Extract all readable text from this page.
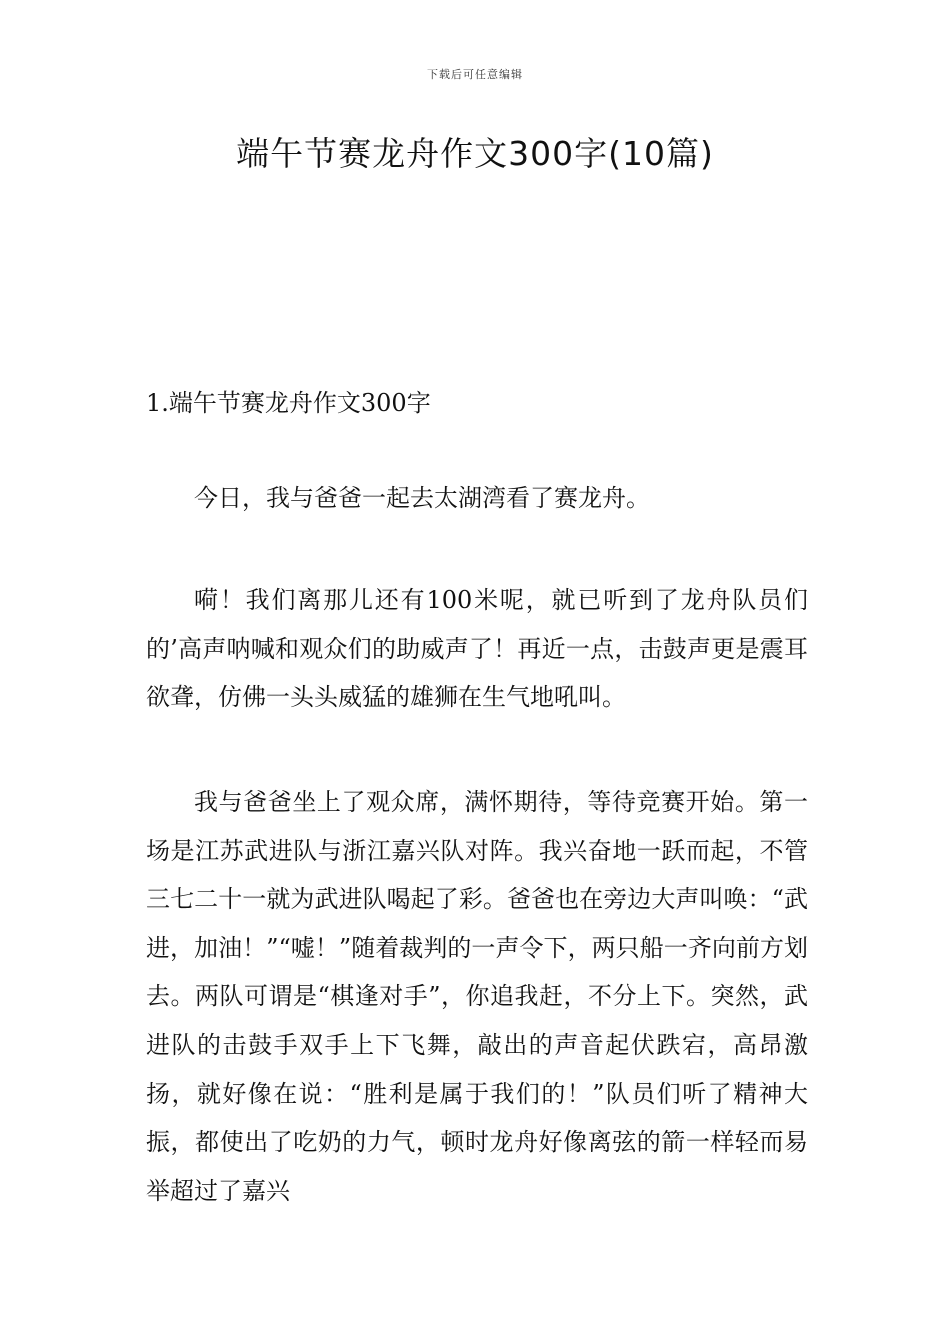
下载后可任意编辑
端午节赛龙舟作文300字(10篇)
1.端午节赛龙舟作文300字

今日，我与爸爸一起去太湖湾看了赛龙舟。

嗬！我们离那儿还有100米呢，就已听到了龙舟队员们的’高声呐喊和观众们的助威声了！再近一点，击鼓声更是震耳欲聋，仿佛一头头威猛的雄狮在生气地吼叫。

我与爸爸坐上了观众席，满怀期待，等待竞赛开始。第一场是江苏武进队与浙江嘉兴队对阵。我兴奋地一跃而起，不管三七二十一就为武进队喝起了彩。爸爸也在旁边大声叫唤：“武进，加油！”“嘘！”随着裁判的一声令下，两只船一齐向前方划去。两队可谓是“棋逢对手”，你追我赶，不分上下。突然，武进队的击鼓手双手上下飞舞，敲出的声音起伏跌宕，高昂激扬，就好像在说：“胜利是属于我们的！”队员们听了精神大振，都使出了吃奶的力气，顿时龙舟好像离弦的箭一样轻而易举超过了嘉兴
